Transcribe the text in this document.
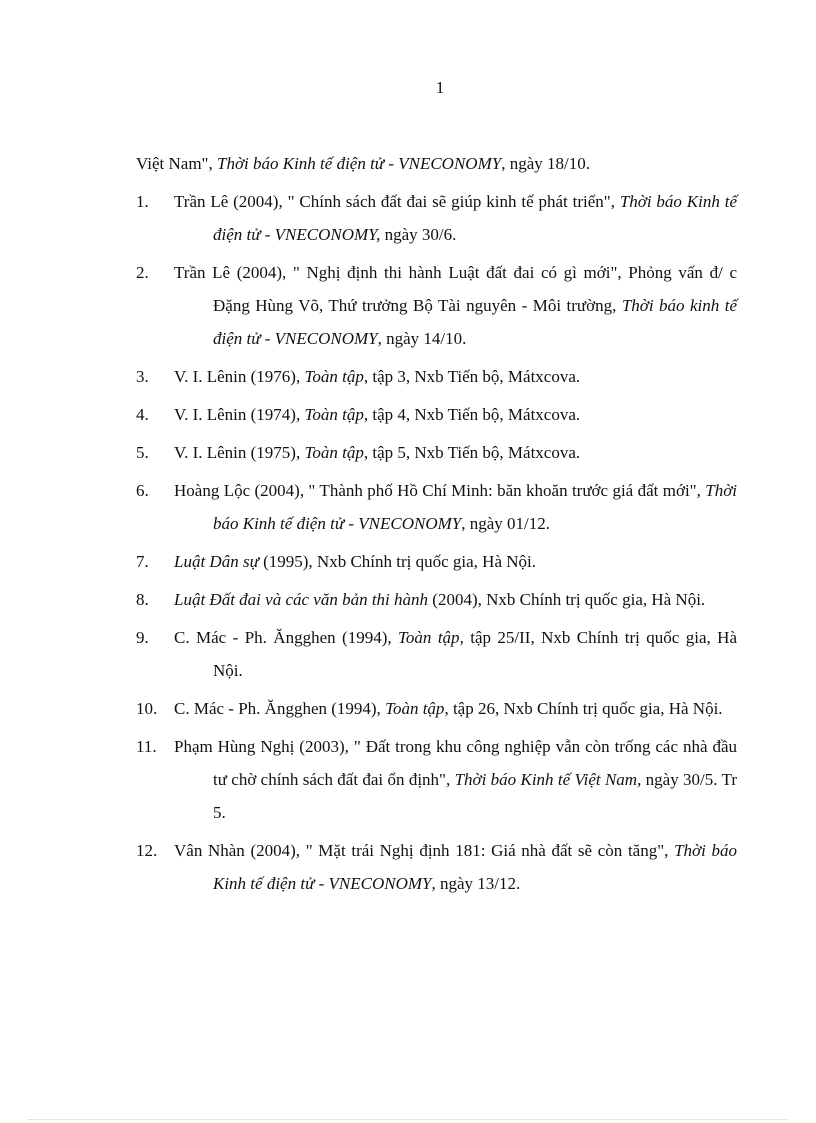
1

Việt Nam", Thời báo Kinh tế điện tử - VNECONOMY, ngày 18/10.

1. Trần Lê (2004), " Chính sách đất đai sẽ giúp kinh tế phát triển", Thời báo Kinh tế điện tử - VNECONOMY, ngày 30/6.

2. Trần Lê (2004), " Nghị định thi hành Luật đất đai có gì mới", Phỏng vấn đ/ c Đặng Hùng Võ, Thứ trưởng Bộ Tài nguyên - Môi trường, Thời báo kinh tế điện tử - VNECONOMY, ngày 14/10.

3. V. I. Lênin (1976), Toàn tập, tập 3, Nxb Tiến bộ, Mátxcova.

4. V. I. Lênin (1974), Toàn tập, tập 4, Nxb Tiến bộ, Mátxcova.

5. V. I. Lênin (1975), Toàn tập, tập 5, Nxb Tiến bộ, Mátxcova.

6. Hoàng Lộc (2004), " Thành phố Hồ Chí Minh: băn khoăn trước giá đất mới", Thời báo Kinh tế điện tử - VNECONOMY, ngày 01/12.

7. Luật Dân sự (1995), Nxb Chính trị quốc gia, Hà Nội.

8. Luật Đất đai và các văn bản thi hành (2004), Nxb Chính trị quốc gia, Hà Nội.

9. C. Mác - Ph. Ăngghen (1994), Toàn tập, tập 25/II, Nxb Chính trị quốc gia, Hà Nội.

10. C. Mác - Ph. Ăngghen (1994), Toàn tập, tập 26, Nxb Chính trị quốc gia, Hà Nội.

11. Phạm Hùng Nghị (2003), " Đất trong khu công nghiệp vẫn còn trống các nhà đầu tư chờ chính sách đất đai ổn định", Thời báo Kinh tế Việt Nam, ngày 30/5. Tr 5.

12. Vân Nhàn (2004), " Mặt trái Nghị định 181: Giá nhà đất sẽ còn tăng", Thời báo Kinh tế điện tử - VNECONOMY, ngày 13/12.
